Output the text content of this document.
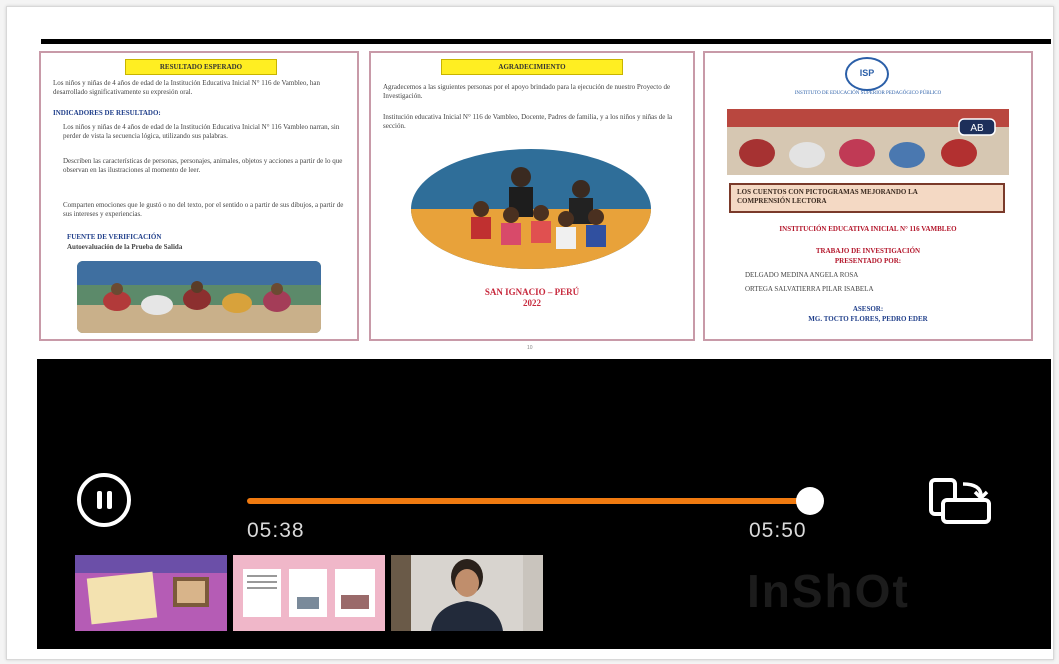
RESULTADO ESPERADO
Los niños y niñas de 4 años de edad de la Institución Educativa Inicial N° 116 de Vambleo, han desarrollado significativamente su expresión oral.
INDICADORES DE RESULTADO:
Los niños y niñas de 4 años de edad de la Institución Educativa Inicial N° 116 Vambleo narran, sin perder de vista la secuencia lógica, utilizando sus palabras.
Describen las características de personas, personajes, animales, objetos y acciones a partir de lo que observan en las ilustraciones al momento de leer.
Comparten emociones que le gustó o no del texto, por el sentido o a partir de sus dibujos, a partir de sus intereses y experiencias.
FUENTE DE VERIFICACIÓN
Autoevaluación de la Prueba de Salida
AGRADECIMIENTO
Agradecemos a las siguientes personas por el apoyo brindado para la ejecución de nuestro Proyecto de Investigación.
Institución educativa Inicial N° 116 de Vambleo, Docente, Padres de familia, y a los niños y niñas de la sección.
SAN IGNACIO – PERÚ
2022
ISP
INSTITUTO DE EDUCACIÓN SUPERIOR PEDAGÓGICO PÚBLICO
AB
LOS CUENTOS CON PICTOGRAMAS MEJORANDO LA COMPRENSIÓN LECTORA
INSTITUCIÓN EDUCATIVA INICIAL N° 116 VAMBLEO
TRABAJO DE INVESTIGACIÓN
PRESENTADO POR:
DELGADO MEDINA ANGELA ROSA
ORTEGA SALVATIERRA PILAR ISABELA
ASESOR:
MG. TOCTO FLORES, PEDRO EDER
10
05:38	05:50
InShOt
